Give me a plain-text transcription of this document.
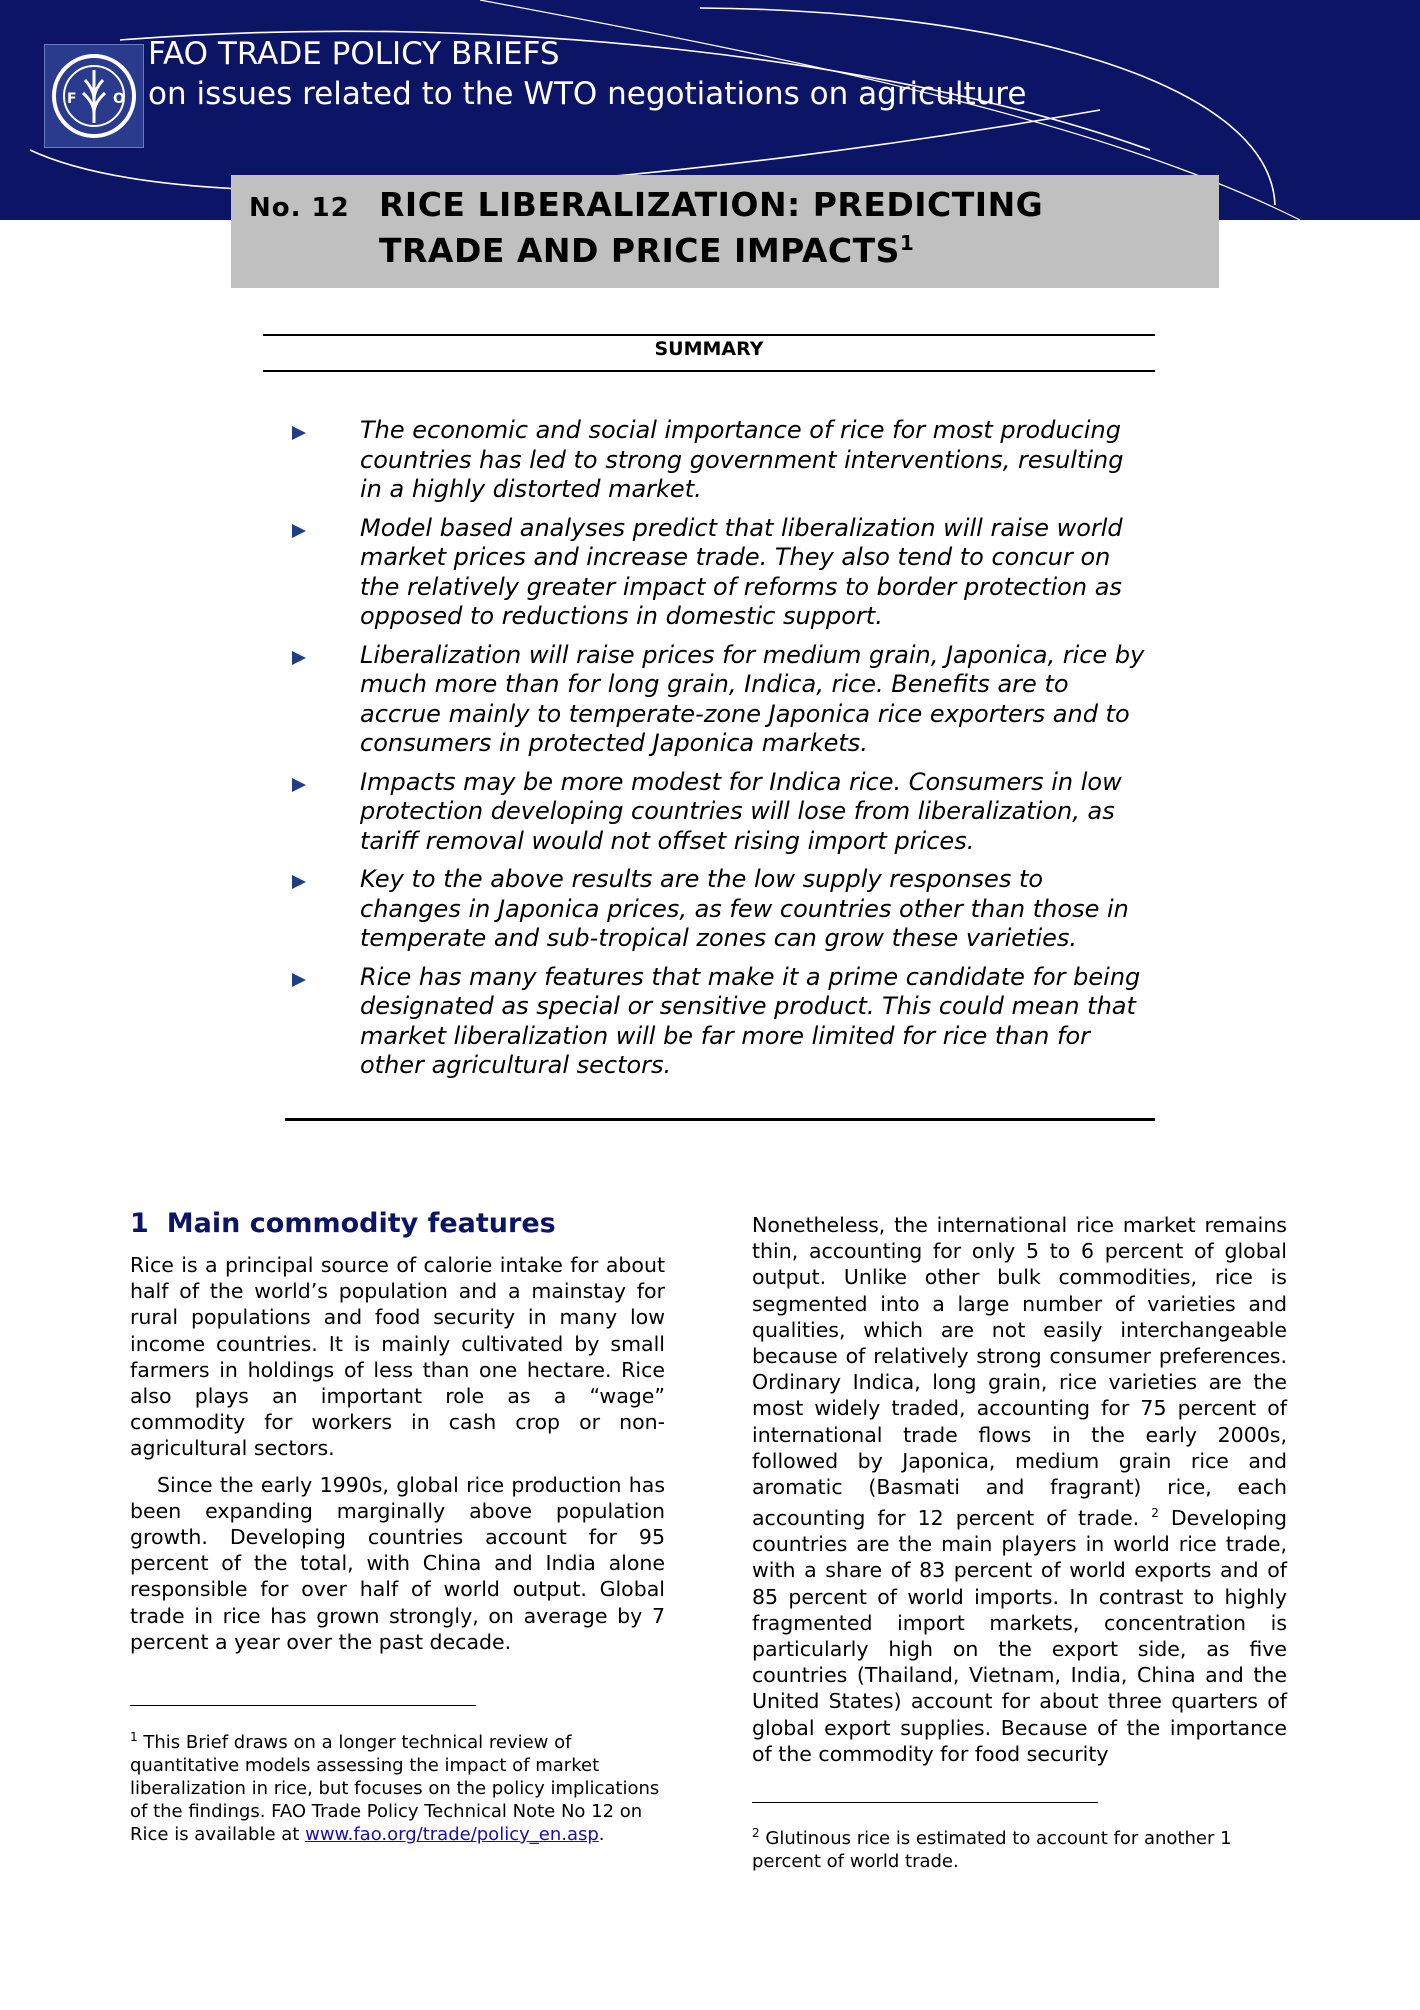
F	O
FAO TRADE POLICY BRIEFS
on issues related to the WTO negotiations on agriculture
No. 12 RICE LIBERALIZATION: PREDICTING
TRADE AND PRICE IMPACTS$^1$
SUMMARY
The economic and social importance of rice for most producing countries has led to strong government interventions, resulting in a highly distorted market.
Model based analyses predict that liberalization will raise world market prices and increase trade. They also tend to concur on the relatively greater impact of reforms to border protection as opposed to reductions in domestic support.
Liberalization will raise prices for medium grain, Japonica, rice by much more than for long grain, Indica, rice. Benefits are to accrue mainly to temperate-zone Japonica rice exporters and to consumers in protected Japonica markets.
Impacts may be more modest for Indica rice. Consumers in low protection developing countries will lose from liberalization, as tariff removal would not offset rising import prices.
Key to the above results are the low supply responses to changes in Japonica prices, as few countries other than those in temperate and sub-tropical zones can grow these varieties.
Rice has many features that make it a prime candidate for being designated as special or sensitive product. This could mean that market liberalization will be far more limited for rice than for other agricultural sectors.
1 Main commodity features

Rice is a principal source of calorie intake for about half of the world’s population and a mainstay for rural populations and food security in many low income countries. It is mainly cultivated by small farmers in holdings of less than one hectare. Rice also plays an important role as a “wage” commodity for workers in cash crop or non-agricultural sectors.

Since the early 1990s, global rice production has been expanding marginally above population growth. Developing countries account for 95 percent of the total, with China and India alone responsible for over half of world output. Global trade in rice has grown strongly, on average by 7 percent a year over the past decade.

Nonetheless, the international rice market remains thin, accounting for only 5 to 6 percent of global output. Unlike other bulk commodities, rice is segmented into a large number of varieties and qualities, which are not easily interchangeable because of relatively strong consumer preferences. Ordinary Indica, long grain, rice varieties are the most widely traded, accounting for 75 percent of international trade flows in the early 2000s, followed by Japonica, medium grain rice and aromatic (Basmati and fragrant) rice, each accounting for 12 percent of trade. $^2$ Developing countries are the main players in world rice trade, with a share of 83 percent of world exports and of 85 percent of world imports. In contrast to highly fragmented import markets, concentration is particularly high on the export side, as five countries (Thailand, Vietnam, India, China and the United States) account for about three quarters of global export supplies. Because of the importance of the commodity for food security

$^1$ This Brief draws on a longer technical review of quantitative models assessing the impact of market liberalization in rice, but focuses on the policy implications of the findings. FAO Trade Policy Technical Note No 12 on Rice is available at www.fao.org/trade/policy_en.asp.	$^2$ Glutinous rice is estimated to account for another 1 percent of world trade.
